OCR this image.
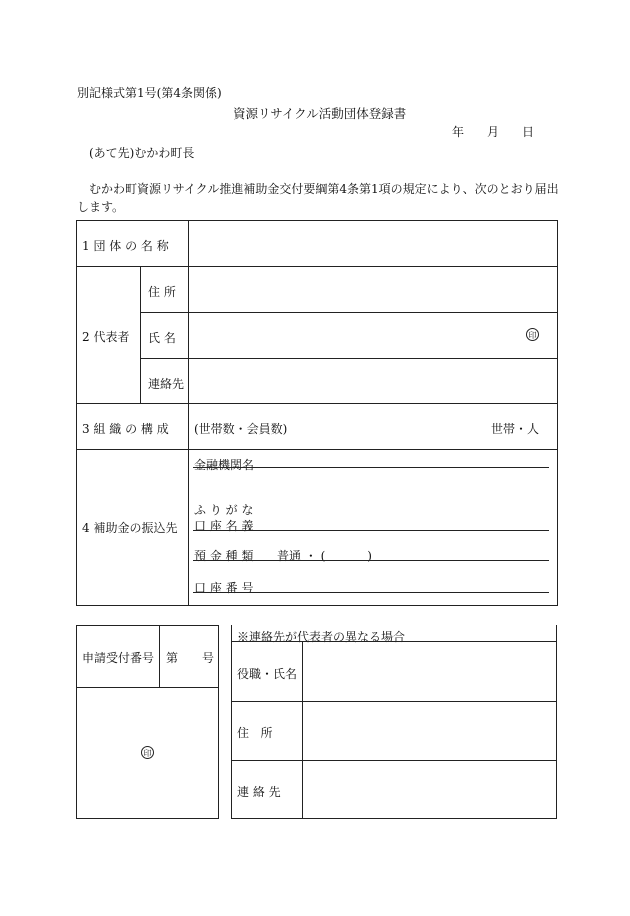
別記様式第1号(第4条関係)
資源リサイクル活動団体登録書
年 月 日
(あて先)むかわ町長
むかわ町資源リサイクル推進補助金交付要綱第4条第1項の規定により、次のとおり届出
します。
1 団 体 の 名 称
2 代表者
住 所
氏 名	印
連絡先
3 組 織 の 構 成 (世帯数・会員数)	世帯・人
4 補助金の振込先
金融機関名
ふ り が な
口 座 名 義
預 金 種 類 普通 ・ (           )
口 座 番 号
申請受付番号 第 号
印
※連絡先が代表者の異なる場合
役職・氏名
住   所
連 絡 先
